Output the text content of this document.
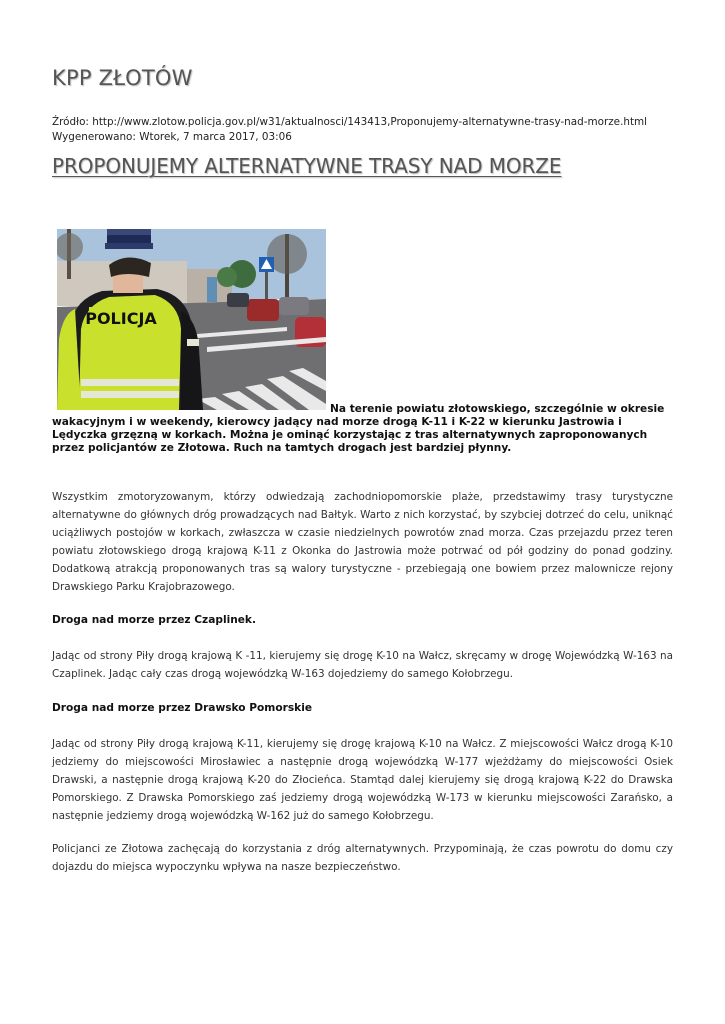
KPP ZŁOTÓW
Źródło: http://www.zlotow.policja.gov.pl/w31/aktualnosci/143413,Proponujemy-alternatywne-trasy-nad-morze.html
Wygenerowano: Wtorek, 7 marca 2017, 03:06
PROPONUJEMY ALTERNATYWNE TRASY NAD MORZE
POLICJA
Na terenie powiatu złotowskiego, szczególnie w okresie wakacyjnym i w weekendy, kierowcy jadący nad morze drogą K-11 i K-22 w kierunku Jastrowia i Lędyczka grzęzną w korkach. Można je ominąć korzystając z tras alternatywnych zaproponowanych przez policjantów ze Złotowa. Ruch na tamtych drogach jest bardziej płynny.

Wszystkim zmotoryzowanym, którzy odwiedzają zachodniopomorskie plaże, przedstawimy trasy turystyczne alternatywne do głównych dróg prowadzących nad Bałtyk. Warto z nich korzystać, by szybciej dotrzeć do celu, uniknąć uciążliwych postojów w korkach, zwłaszcza w czasie niedzielnych powrotów znad morza. Czas przejazdu przez teren powiatu złotowskiego drogą krajową K-11 z Okonka do Jastrowia może potrwać od pół godziny do ponad godziny. Dodatkową atrakcją proponowanych tras są walory turystyczne - przebiegają one bowiem przez malownicze rejony Drawskiego Parku Krajobrazowego.

Droga nad morze przez Czaplinek.

Jadąc od strony Piły drogą krajową K -11, kierujemy się drogę K-10 na Wałcz, skręcamy w drogę Wojewódzką W-163 na Czaplinek. Jadąc cały czas drogą wojewódzką W-163 dojedziemy do samego Kołobrzegu.

Droga nad morze przez Drawsko Pomorskie

Jadąc od strony Piły drogą krajową K-11, kierujemy się drogę krajową K-10 na Wałcz. Z miejscowości Wałcz drogą K-10 jedziemy do miejscowości Mirosławiec a następnie drogą wojewódzką W-177 wjeżdżamy do miejscowości Osiek Drawski, a następnie drogą krajową K-20 do Złocieńca. Stamtąd dalej kierujemy się drogą krajową K-22 do Drawska Pomorskiego. Z Drawska Pomorskiego zaś jedziemy drogą wojewódzką W-173 w kierunku miejscowości Zarańsko, a następnie jedziemy drogą wojewódzką W-162 już do samego Kołobrzegu.

Policjanci ze Złotowa zachęcają do korzystania z dróg alternatywnych. Przypominają, że czas powrotu do domu czy dojazdu do miejsca wypoczynku wpływa na nasze bezpieczeństwo.
